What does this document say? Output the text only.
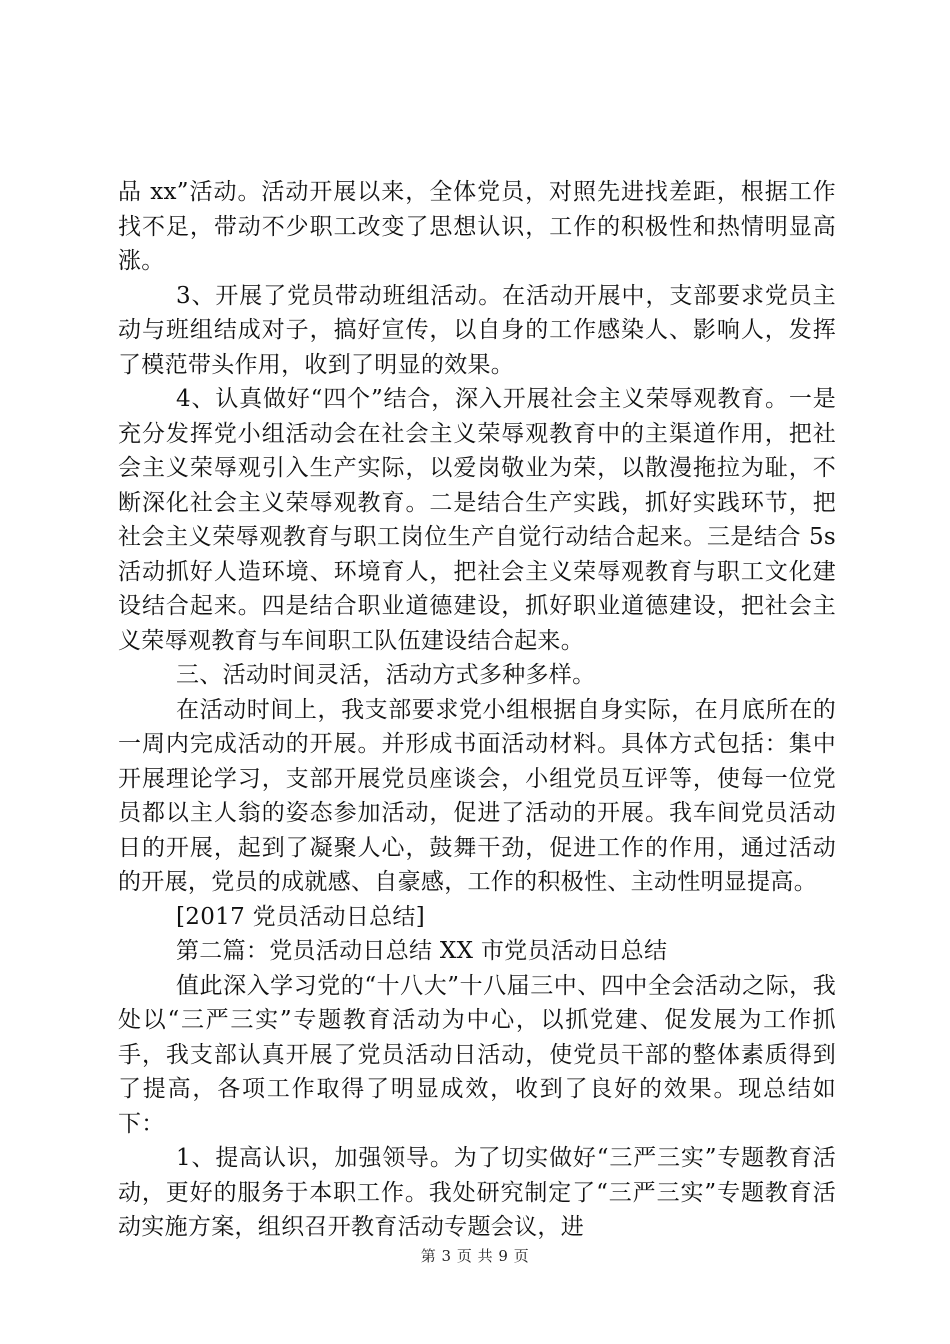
品 xx”活动。活动开展以来，全体党员，对照先进找差距，根据工作找不足，带动不少职工改变了思想认识，工作的积极性和热情明显高涨。

3、开展了党员带动班组活动。在活动开展中，支部要求党员主动与班组结成对子，搞好宣传，以自身的工作感染人、影响人，发挥了模范带头作用，收到了明显的效果。

4、认真做好“四个”结合，深入开展社会主义荣辱观教育。一是充分发挥党小组活动会在社会主义荣辱观教育中的主渠道作用，把社会主义荣辱观引入生产实际，以爱岗敬业为荣，以散漫拖拉为耻，不断深化社会主义荣辱观教育。二是结合生产实践，抓好实践环节，把社会主义荣辱观教育与职工岗位生产自觉行动结合起来。三是结合 5s 活动抓好人造环境、环境育人，把社会主义荣辱观教育与职工文化建设结合起来。四是结合职业道德建设，抓好职业道德建设，把社会主义荣辱观教育与车间职工队伍建设结合起来。

三、活动时间灵活，活动方式多种多样。

在活动时间上，我支部要求党小组根据自身实际，在月底所在的一周内完成活动的开展。并形成书面活动材料。具体方式包括：集中开展理论学习，支部开展党员座谈会，小组党员互评等，使每一位党员都以主人翁的姿态参加活动，促进了活动的开展。我车间党员活动日的开展，起到了凝聚人心，鼓舞干劲，促进工作的作用，通过活动的开展，党员的成就感、自豪感，工作的积极性、主动性明显提高。

[2017 党员活动日总结]

第二篇：党员活动日总结 XX 市党员活动日总结

值此深入学习党的“十八大”十八届三中、四中全会活动之际，我处以“三严三实”专题教育活动为中心，以抓党建、促发展为工作抓手，我支部认真开展了党员活动日活动，使党员干部的整体素质得到了提高，各项工作取得了明显成效，收到了良好的效果。现总结如下：

1、提高认识，加强领导。为了切实做好“三严三实”专题教育活动，更好的服务于本职工作。我处研究制定了“三严三实”专题教育活动实施方案，组织召开教育活动专题会议，进

第 3 页 共 9 页
